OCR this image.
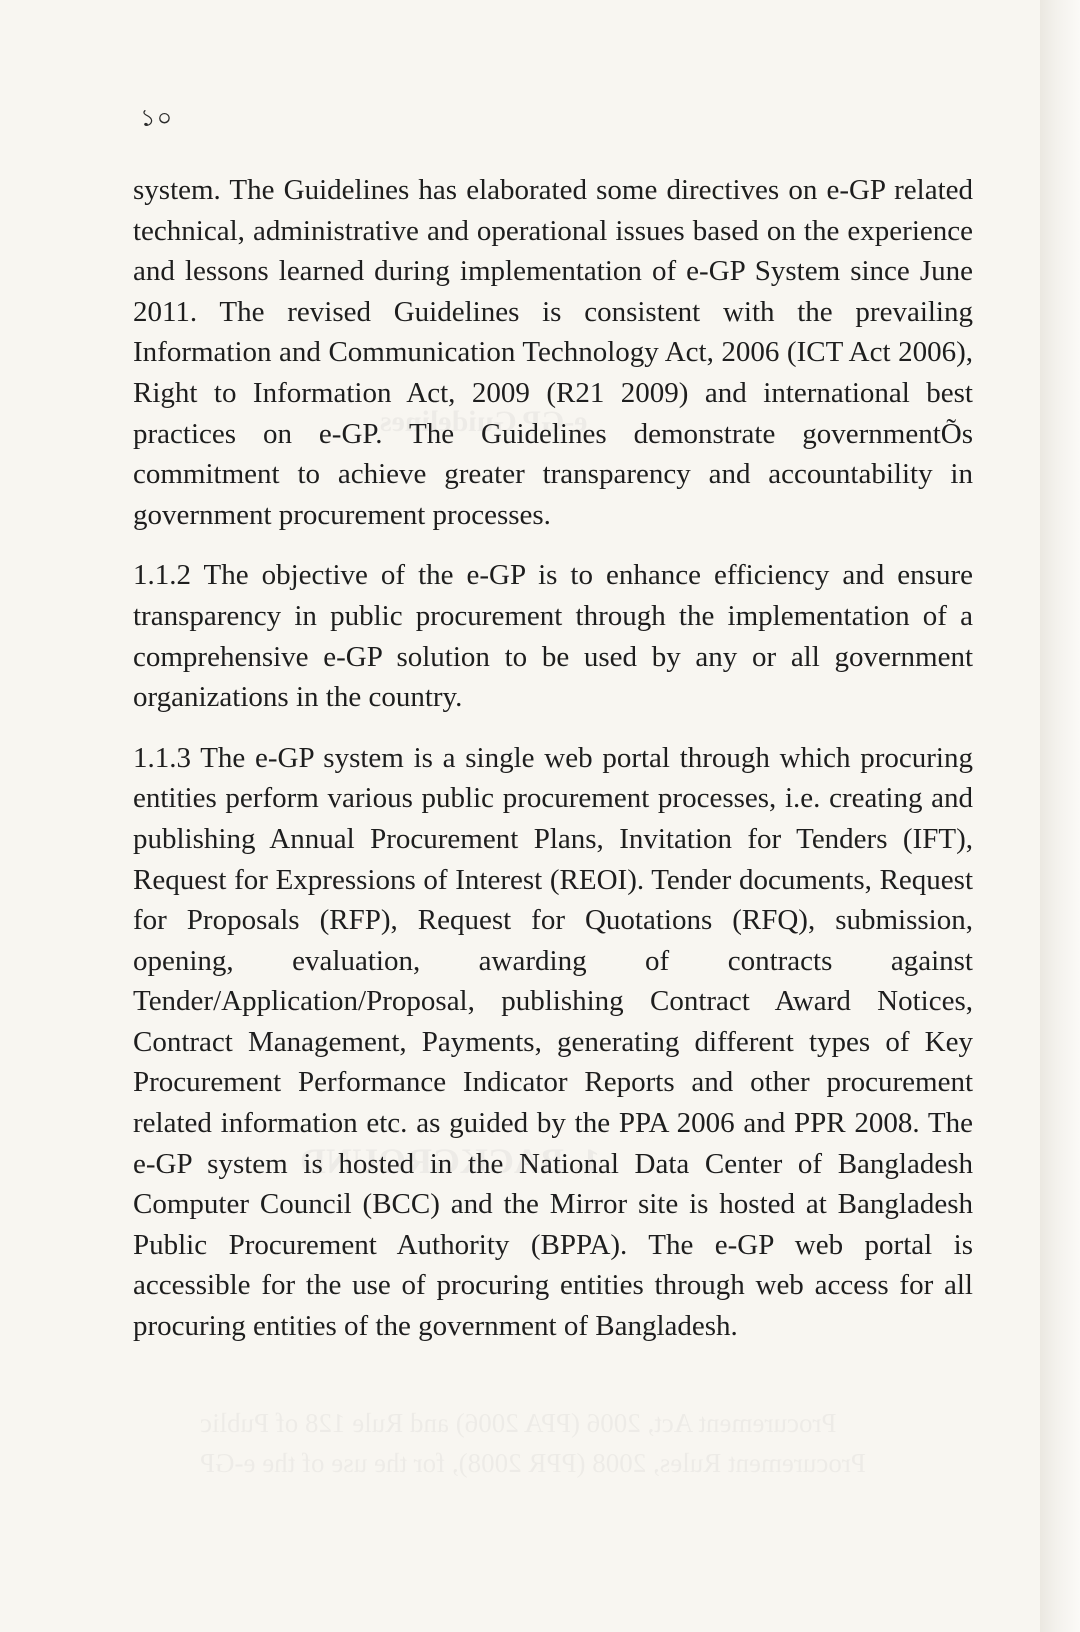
১০

system. The Guidelines has elaborated some directives on e-GP related technical, administrative and operational issues based on the experience and lessons learned during implementation of e-GP System since June 2011. The revised Guidelines is consistent with the prevailing Information and Communication Technology Act, 2006 (ICT Act 2006), Right to Information Act, 2009 (R21 2009) and international best practices on e-GP. The Guidelines demonstrate governmentÕs commitment to achieve greater transparency and accountability in government procurement processes.

1.1.2 The objective of the e-GP is to enhance efficiency and ensure transparency in public procurement through the implementation of a comprehensive e-GP solution to be used by any or all government organizations in the country.

1.1.3 The e-GP system is a single web portal through which procuring entities perform various public procurement processes, i.e. creating and publishing Annual Procurement Plans, Invitation for Tenders (IFT), Request for Expressions of Interest (REOI). Tender documents, Request for Proposals (RFP), Request for Quotations (RFQ), submission, opening, evaluation, awarding of contracts against Tender/Application/Proposal, publishing Contract Award Notices, Contract Management, Payments, generating different types of Key Procurement Performance Indicator Reports and other procurement related information etc. as guided by the PPA 2006 and PPR 2008. The e-GP system is hosted in the National Data Center of Bangladesh Computer Council (BCC) and the Mirror site is hosted at Bangladesh Public Procurement Authority (BPPA). The e-GP web portal is accessible for the use of procuring entities through web access for all procuring entities of the government of Bangladesh.
